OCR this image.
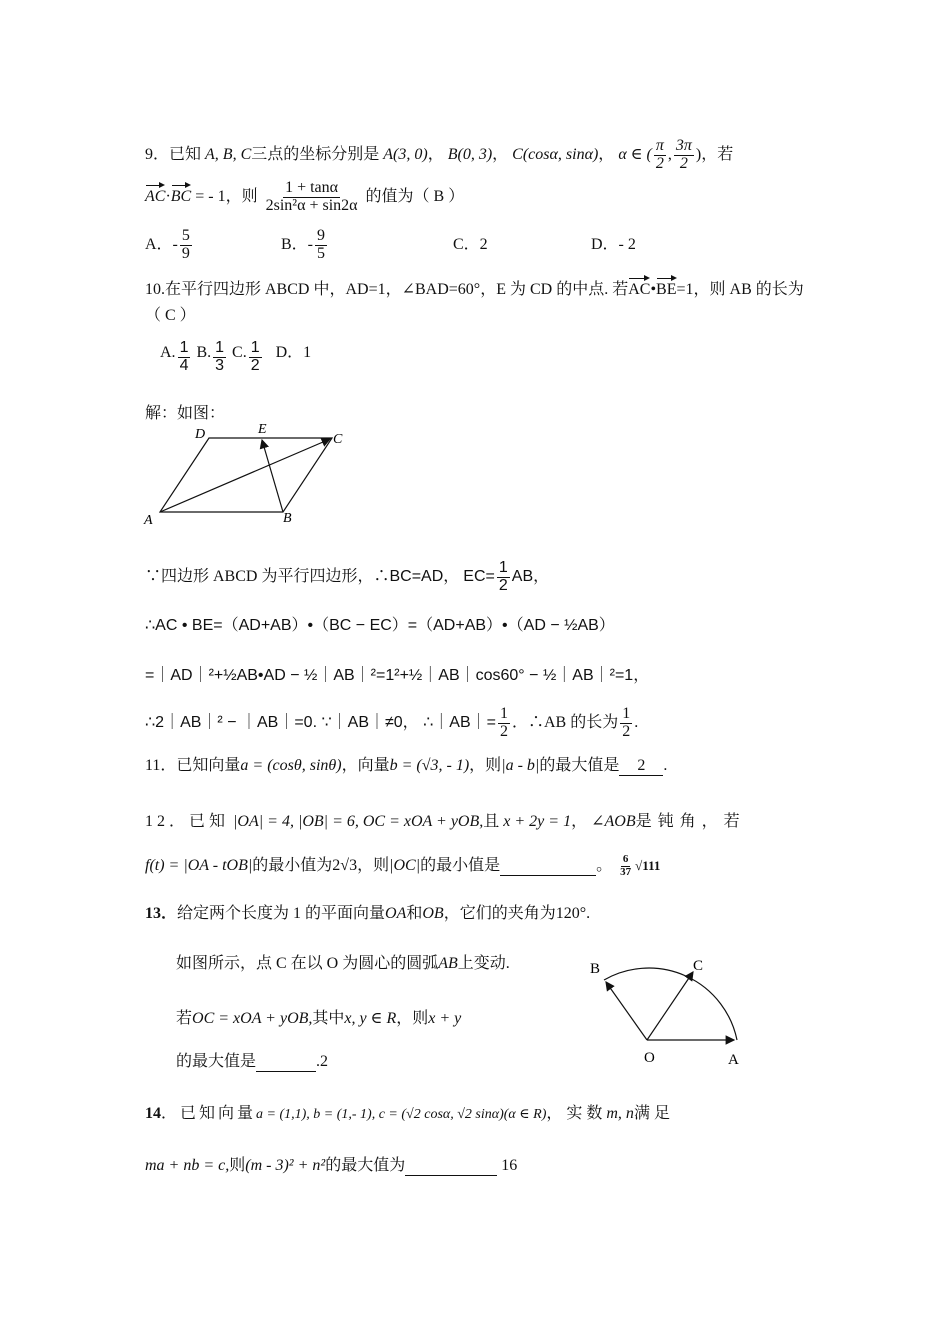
9．已知 A, B, C三点的坐标分别是 A(3, 0)， B(0, 3)， C(cosα, sinα)， α ∈ ( $\frac{\pi}{2}$ , $\frac{3\pi}{2}$ )，若
AC·BC = - 1，则 $\frac{1 + \tan\alpha}{\text{2sin²α + sin2α}}$ 的值为（ B ）
A．- $\frac{5}{9}$	B．- $\frac{9}{5}$	C．2	D．- 2
10.在平行四边形 ABCD 中，AD=1，∠BAD=60°，E 为 CD 的中点. 若AC•BE=1，则 AB 的长为
（ C ）
A. $\frac{1}{4} B$. $\frac{1}{3} C$. $\frac{1}{2}$ D．1
解：如图：
D	E
C
A	B
∵四边形 ABCD 为平行四边形，∴BC=AD， $EC= \frac{1}{2}$ AB，
∴AC • BE=（AD+AB）•（BC − EC）=（AD+AB）•（AD − ½AB）
=｜AD｜²+½AB•AD − ½｜AB｜²=1²+½｜AB｜cos60° − ½｜AB｜²=1，
∴2｜AB｜² − ｜AB｜=0. ∵｜AB｜≠0， ∴｜AB｜= $\frac{1}{2}$ ．∴AB 的长为 $\frac{1}{2}$ .
11．已知向量a = (cosθ, sinθ)，向量b = (√3, - 1)，则|a - b|的最大值是 2 .
12．已知 |OA| = 4, |OB| = 6, OC = xOA + yOB,且 x + 2y = 1， ∠AOB是钝角，若
f(t) = |OA - tOB|的最小值为2√3，则|OC|的最小值是	。 $\frac{6}{37} √111$
13．给定两个长度为 1 的平面向量OA和OB，它们的夹角为120°.
如图所示，点 C 在以 O 为圆心的圆弧AB上变动.
若OC = xOA + yOB,其中x, y ∈ R，则x + y
的最大值是	.2
B	C
O	A
14．已知向量a = (1,1), b = (1,- 1), c = (√2 cosα, √2 sinα)(α ∈ R)，实数m, n满足
ma + nb = c,则(m - 3)² + n²的最大值为	16
